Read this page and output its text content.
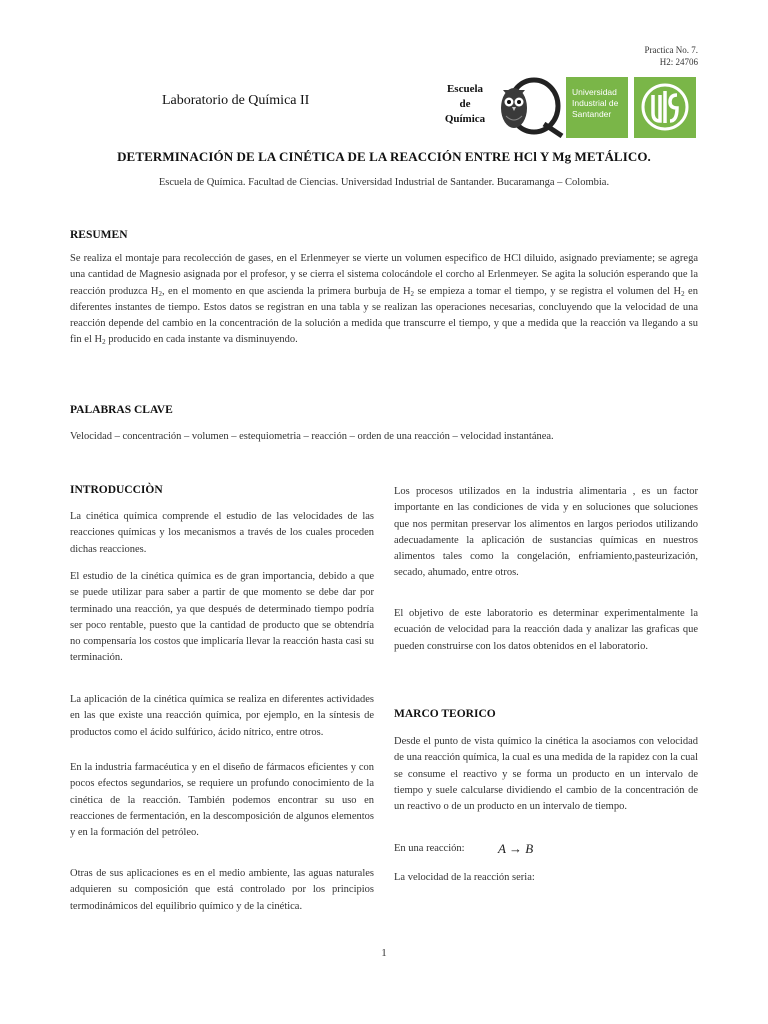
Practica No. 7.
H2: 24706
Laboratorio de Química II
Escuela
de
Química
Universidad
Industrial de
Santander
DETERMINACIÓN DE LA CINÉTICA DE LA REACCIÓN ENTRE HCl Y Mg METÁLICO.
Escuela de Química. Facultad de Ciencias. Universidad Industrial de Santander. Bucaramanga – Colombia.
RESUMEN

Se realiza el montaje para recolección de gases, en el Erlenmeyer se vierte un volumen especifico de HCl diluido, asignado previamente; se agrega una cantidad de Magnesio asignada por el profesor, y se cierra el sistema colocándole el corcho al Erlenmeyer. Se agita la solución esperando que la reacción produzca $H_2$, en el momento en que ascienda la primera burbuja de $H_2$ se empieza a tomar el tiempo, y se registra el volumen del $H_2$ en diferentes instantes de tiempo. Estos datos se registran en una tabla y se realizan las operaciones necesarias, concluyendo que la velocidad de una reacción depende del cambio en la concentración de la solución a medida que transcurre el tiempo, y que a medida que la reacción va llegando a su fin el $H_2$ producido en cada instante va disminuyendo.

PALABRAS CLAVE

Velocidad – concentración – volumen – estequiometria – reacción – orden de una reacción – velocidad instantánea.

INTRODUCCIÒN

La cinética química comprende el estudio de las velocidades de las reacciones químicas y los mecanismos a través de los cuales proceden dichas reacciones.

El estudio de la cinética química es de gran importancia, debido a que se puede utilizar para saber a partir de que momento se debe dar por terminado una reacción, ya que después de determinado tiempo podría ser poco rentable, puesto que la cantidad de producto que se obtendría no compensaría los costos que implicaría llevar la reacción hasta casi su terminación.

La aplicación de la cinética química se realiza en diferentes actividades en las que existe una reacción química, por ejemplo, en la síntesis de productos como el ácido sulfúrico, ácido nítrico, entre otros.

En la industria farmacéutica y en el diseño de fármacos eficientes y con pocos efectos segundarios, se requiere un profundo conocimiento de la cinética de la reacción. También podemos encontrar su uso en reacciones de fermentación, en la descomposición de algunos elementos y en la formación del petróleo.

Otras de sus aplicaciones es en el medio ambiente, las aguas naturales adquieren su composición que está controlado por los principios termodinámicos del equilibrio químico y de la cinética.

Los procesos utilizados en la industria alimentaria , es un factor importante en las condiciones de vida y en soluciones que soluciones que nos permitan preservar los alimentos en largos periodos utilizando adecuadamente la aplicación de sustancias químicas en nuestros alimentos tales como la congelación, enfriamiento,pasteurización, secado, ahumado, entre otros.

El objetivo de este laboratorio es determinar experimentalmente la ecuación de velocidad para la reacción dada y analizar las graficas que pueden construirse con los datos obtenidos en el laboratorio.

MARCO TEORICO

Desde el punto de vista químico la cinética la asociamos con velocidad de una reacción química, la cual es una medida de la rapidez con la cual se consume el reactivo y se forma un producto en un intervalo de tiempo y suele calcularse dividiendo el cambio de la concentración de un reactivo o de un producto en un intervalo de tiempo.

En una reacción:	A → B

La velocidad de la reacción seria:

1
